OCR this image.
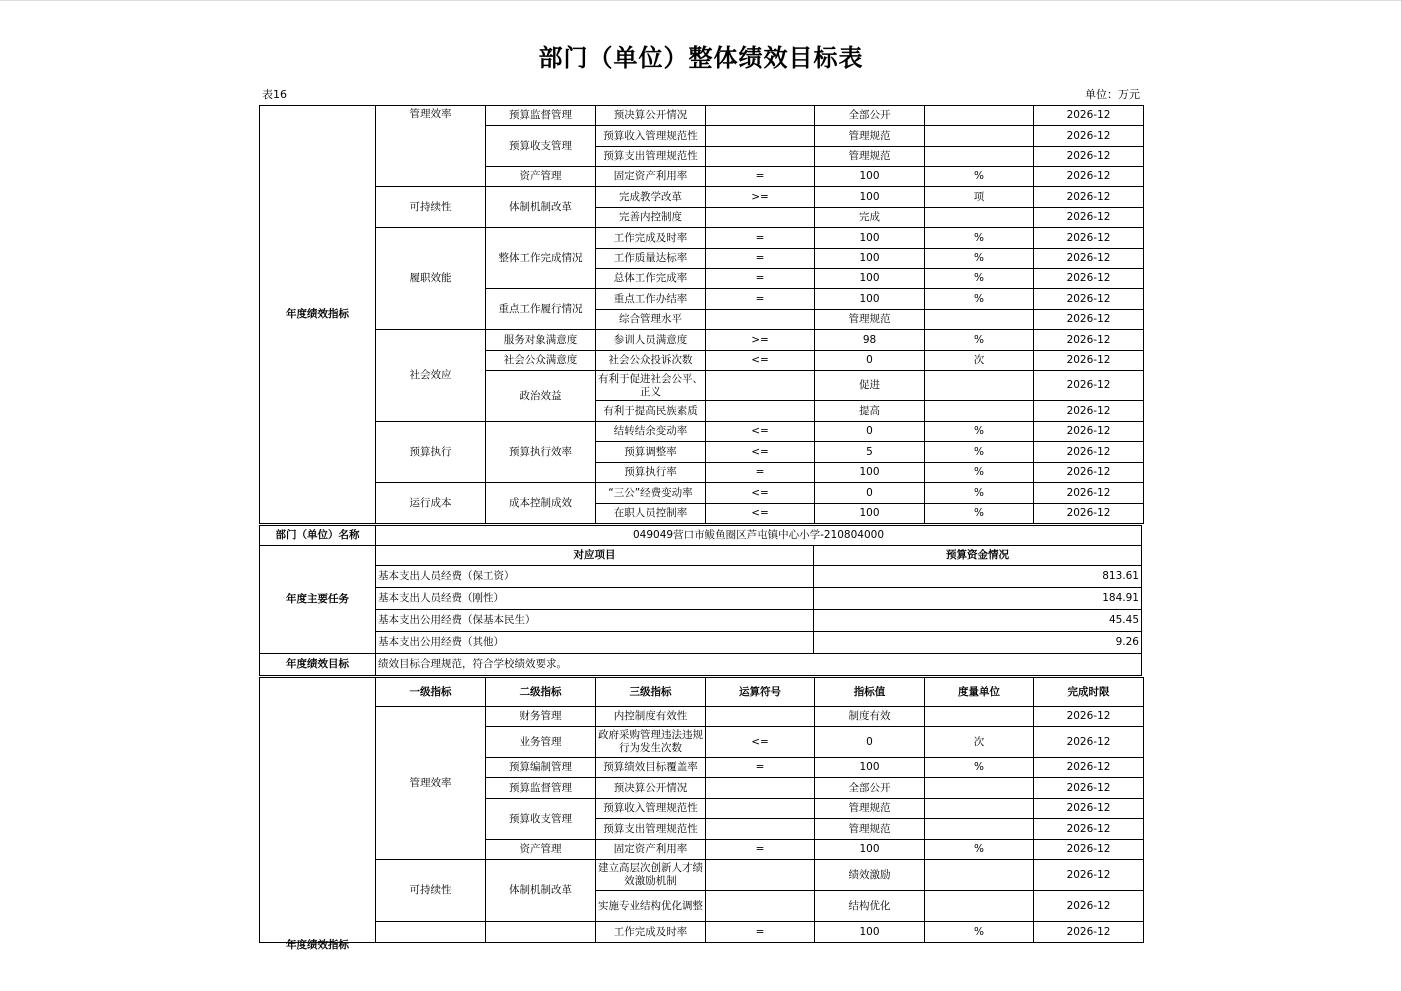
部门（单位）整体绩效目标表
表16	单位：万元
年度绩效指标	管理效率	预算监督管理	预决算公开情况		全部公开		2026-12
		预算收支管理	预算收入管理规范性		管理规范		2026-12
			预算支出管理规范性		管理规范		2026-12
		资产管理	固定资产利用率	=	100	%	2026-12
	可持续性	体制机制改革	完成教学改革	>=	100	项	2026-12
			完善内控制度		完成		2026-12
	履职效能	整体工作完成情况	工作完成及时率	=	100	%	2026-12
			工作质量达标率	=	100	%	2026-12
			总体工作完成率	=	100	%	2026-12
		重点工作履行情况	重点工作办结率	=	100	%	2026-12
			综合管理水平		管理规范		2026-12
	社会效应	服务对象满意度	参训人员满意度	>=	98	%	2026-12
		社会公众满意度	社会公众投诉次数	<=	0	次	2026-12
		政治效益	有利于促进社会公平、正义		促进		2026-12
			有利于提高民族素质		提高		2026-12
	预算执行	预算执行效率	结转结余变动率	<=	0	%	2026-12
			预算调整率	<=	5	%	2026-12
			预算执行率	=	100	%	2026-12
	运行成本	成本控制成效	“三公”经费变动率	<=	0	%	2026-12
			在职人员控制率	<=	100	%	2026-12
部门（单位）名称	049049营口市鲅鱼圈区芦屯镇中心小学-210804000	
年度主要任务	对应项目	预算资金情况
	基本支出人员经费（保工资）	813.61
	基本支出人员经费（刚性）	184.91
	基本支出公用经费（保基本民生）	45.45
	基本支出公用经费（其他）	9.26
年度绩效目标	绩效目标合理规范，符合学校绩效要求。	
年度绩效指标	一级指标	二级指标	三级指标	运算符号	指标值	度量单位	完成时限
	管理效率	财务管理	内控制度有效性		制度有效		2026-12
		业务管理	政府采购管理违法违规行为发生次数	<=	0	次	2026-12
		预算编制管理	预算绩效目标覆盖率	=	100	%	2026-12
		预算监督管理	预决算公开情况		全部公开		2026-12
		预算收支管理	预算收入管理规范性		管理规范		2026-12
			预算支出管理规范性		管理规范		2026-12
		资产管理	固定资产利用率	=	100	%	2026-12
	可持续性	体制机制改革	建立高层次创新人才绩效激励机制		绩效激励		2026-12
			实施专业结构优化调整		结构优化		2026-12
			工作完成及时率	=	100	%	2026-12
